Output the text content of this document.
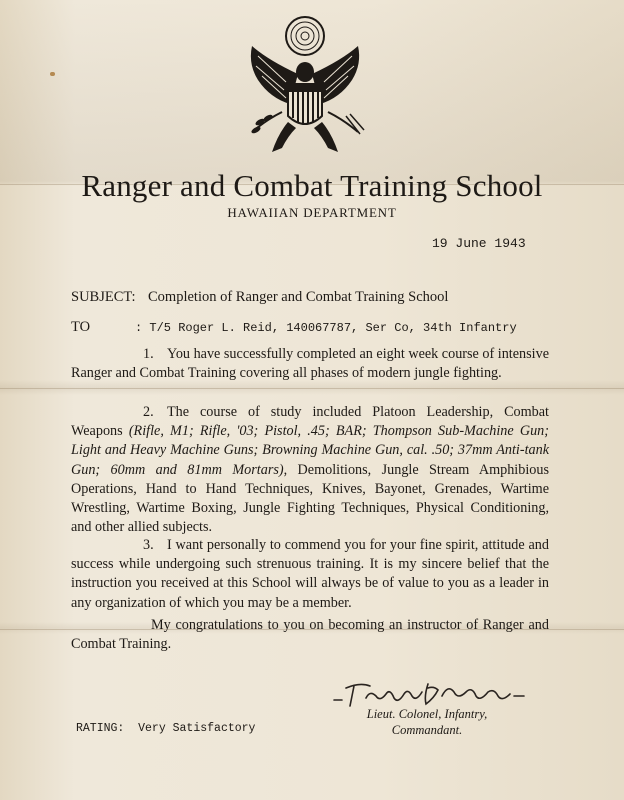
Ranger and Combat Training School
HAWAIIAN DEPARTMENT
19 June 1943
SUBJECT: Completion of Ranger and Combat Training School
TO	: T/5 Roger L. Reid, 140067787, Ser Co, 34th Infantry

1. You have successfully completed an eight week course of intensive Ranger and Combat Training covering all phases of modern jungle fighting.

2. The course of study included Platoon Leadership, Combat Weapons (Rifle, M1; Rifle, '03; Pistol, .45; BAR; Thompson Sub-Machine Gun; Light and Heavy Machine Guns; Browning Machine Gun, cal. .50; 37mm Anti-tank Gun; 60mm and 81mm Mortars), Demolitions, Jungle Stream Amphibious Operations, Hand to Hand Techniques, Knives, Bayonet, Grenades, Wartime Wrestling, Wartime Boxing, Jungle Fighting Techniques, Physical Conditioning, and other allied subjects.

3. I want personally to commend you for your fine spirit, attitude and success while undergoing such strenuous training. It is my sincere belief that the instruction you received at this School will always be of value to you as a leader in any organization of which you may be a member.

My congratulations to you on becoming an instructor of Ranger and Combat Training.

Lieut. Colonel, Infantry,
Commandant.
RATING: Very Satisfactory
